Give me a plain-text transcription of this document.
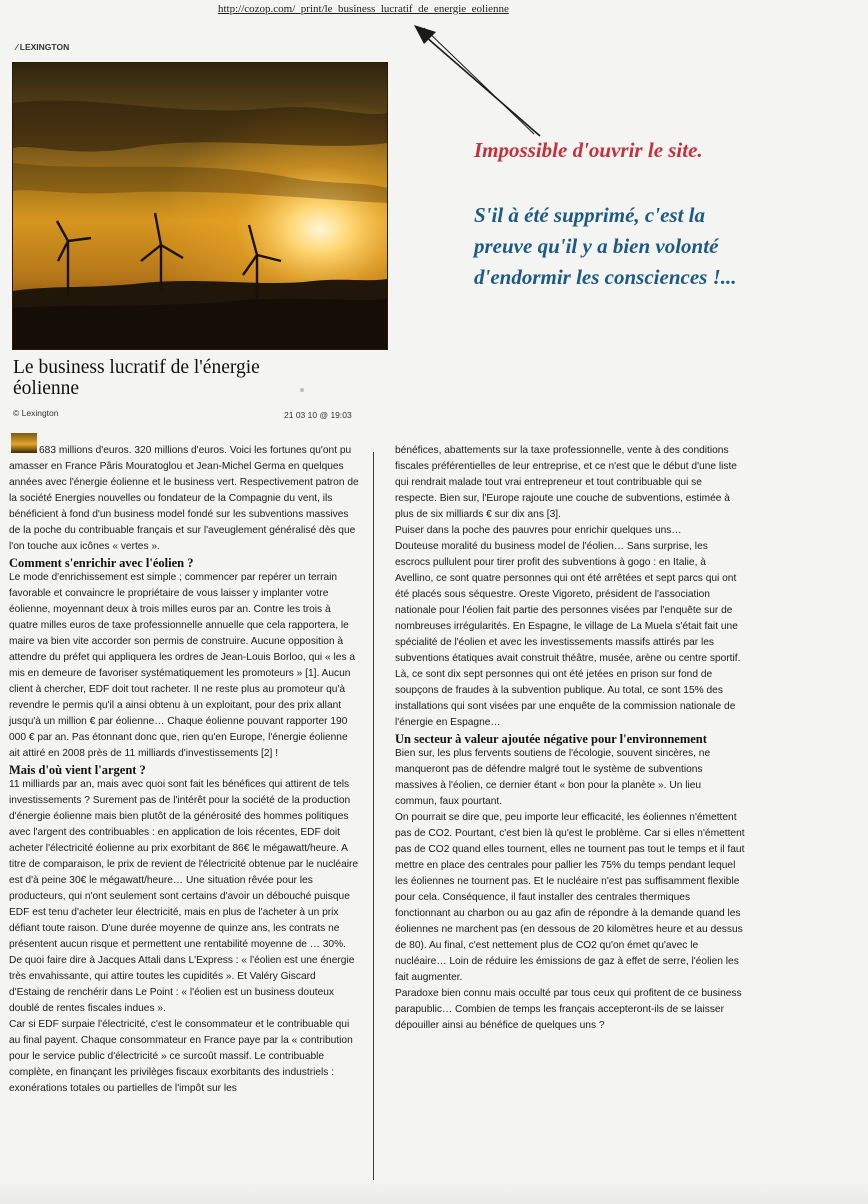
http://cozop.com/_print/le_business_lucratif_de_energie_eolienne
⁄ LEXINGTON
Impossible d'ouvrir le site.
S'il à été supprimé, c'est la
preuve qu'il y a bien volonté
d'endormir les consciences !...
Le business lucratif de l'énergie
éolienne
© Lexington	21 03 10 @ 19:03

683 millions d'euros. 320 millions d'euros. Voici les fortunes qu'ont pu amasser en France Pâris Mouratoglou et Jean-Michel Germa en quelques années avec l'énergie éolienne et le business vert. Respectivement patron de la société Energies nouvelles ou fondateur de la Compagnie du vent, ils bénéficient à fond d'un business model fondé sur les subventions massives de la poche du contribuable français et sur l'aveuglement généralisé dès que l'on touche aux icônes « vertes ».

Comment s'enrichir avec l'éolien ?

Le mode d'enrichissement est simple ; commencer par repérer un terrain favorable et convaincre le propriétaire de vous laisser y implanter votre éolienne, moyennant deux à trois milles euros par an. Contre les trois à quatre milles euros de taxe professionnelle annuelle que cela rapportera, le maire va bien vite accorder son permis de construire. Aucune opposition à attendre du préfet qui appliquera les ordres de Jean-Louis Borloo, qui « les a mis en demeure de favoriser systématiquement les promoteurs » [1]. Aucun client à chercher, EDF doit tout racheter. Il ne reste plus au promoteur qu'à revendre le permis qu'il a ainsi obtenu à un exploitant, pour des prix allant jusqu'à un million € par éolienne… Chaque éolienne pouvant rapporter 190 000 € par an. Pas étonnant donc que, rien qu'en Europe, l'énergie éolienne ait attiré en 2008 près de 11 milliards d'investissements [2] !

Mais d'où vient l'argent ?

11 milliards par an, mais avec quoi sont fait les bénéfices qui attirent de tels investissements ? Surement pas de l'intérêt pour la société de la production d'énergie éolienne mais bien plutôt de la générosité des hommes politiques avec l'argent des contribuables : en application de lois récentes, EDF doit acheter l'électricité éolienne au prix exorbitant de 86€ le mégawatt/heure. A titre de comparaison, le prix de revient de l'électricité obtenue par le nucléaire est d'à peine 30€ le mégawatt/heure… Une situation rêvée pour les producteurs, qui n'ont seulement sont certains d'avoir un débouché puisque EDF est tenu d'acheter leur électricité, mais en plus de l'acheter à un prix défiant toute raison. D'une durée moyenne de quinze ans, les contrats ne présentent aucun risque et permettent une rentabilité moyenne de … 30%. De quoi faire dire à Jacques Attali dans L'Express : « l'éolien est une énergie très envahissante, qui attire toutes les cupidités ». Et Valéry Giscard d'Estaing de renchérir dans Le Point : « l'éolien est un business douteux doublé de rentes fiscales indues ».

Car si EDF surpaie l'électricité, c'est le consommateur et le contribuable qui au final payent. Chaque consommateur en France paye par la « contribution pour le service public d'électricité » ce surcoût massif. Le contribuable complète, en finançant les privilèges fiscaux exorbitants des industriels : exonérations totales ou partielles de l'impôt sur les

bénéfices, abattements sur la taxe professionnelle, vente à des conditions fiscales préférentielles de leur entreprise, et ce n'est que le début d'une liste qui rendrait malade tout vrai entrepreneur et tout contribuable qui se respecte. Bien sur, l'Europe rajoute une couche de subventions, estimée à plus de six milliards € sur dix ans [3].

Puiser dans la poche des pauvres pour enrichir quelques uns…

Douteuse moralité du business model de l'éolien… Sans surprise, les escrocs pullulent pour tirer profit des subventions à gogo : en Italie, à Avellino, ce sont quatre personnes qui ont été arrêtées et sept parcs qui ont été placés sous séquestre. Oreste Vigoreto, président de l'association nationale pour l'éolien fait partie des personnes visées par l'enquête sur de nombreuses irrégularités. En Espagne, le village de La Muela s'était fait une spécialité de l'éolien et avec les investissements massifs attirés par les subventions étatiques avait construit théâtre, musée, arène ou centre sportif. Là, ce sont dix sept personnes qui ont été jetées en prison sur fond de soupçons de fraudes à la subvention publique. Au total, ce sont 15% des installations qui sont visées par une enquête de la commission nationale de l'énergie en Espagne…

Un secteur à valeur ajoutée négative pour l'environnement

Bien sur, les plus fervents soutiens de l'écologie, souvent sincères, ne manqueront pas de défendre malgré tout le système de subventions massives à l'éolien, ce dernier étant « bon pour la planète ». Un lieu commun, faux pourtant.

On pourrait se dire que, peu importe leur efficacité, les éoliennes n'émettent pas de CO2. Pourtant, c'est bien là qu'est le problème. Car si elles n'émettent pas de CO2 quand elles tournent, elles ne tournent pas tout le temps et il faut mettre en place des centrales pour pallier les 75% du temps pendant lequel les éoliennes ne tournent pas. Et le nucléaire n'est pas suffisamment flexible pour cela. Conséquence, il faut installer des centrales thermiques fonctionnant au charbon ou au gaz afin de répondre à la demande quand les éoliennes ne marchent pas (en dessous de 20 kilomètres heure et au dessus de 80). Au final, c'est nettement plus de CO2 qu'on émet qu'avec le nucléaire… Loin de réduire les émissions de gaz à effet de serre, l'éolien les fait augmenter.

Paradoxe bien connu mais occulté par tous ceux qui profitent de ce business parapublic… Combien de temps les français accepteront-ils de se laisser dépouiller ainsi au bénéfice de quelques uns ?
